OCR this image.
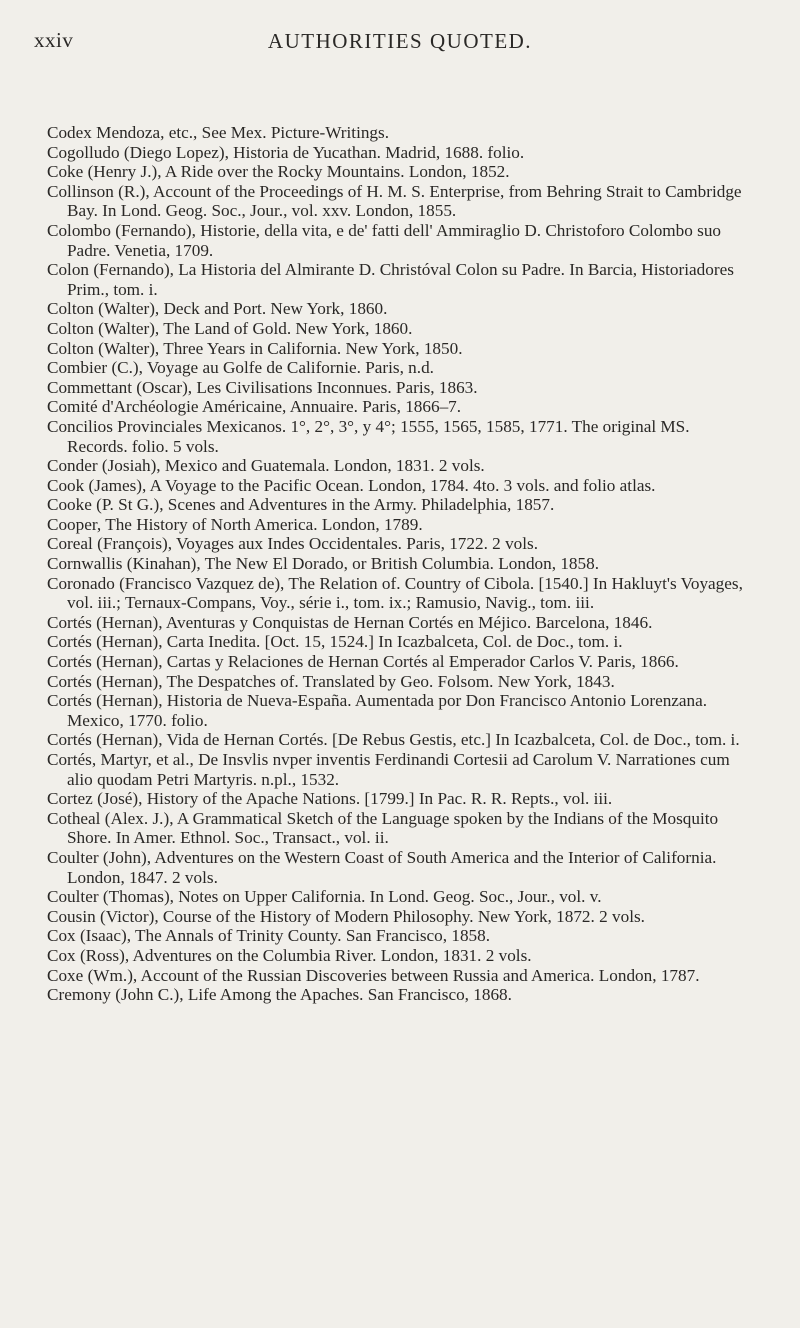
xxiv	AUTHORITIES QUOTED.
Codex Mendoza, etc., See Mex. Picture-Writings.
Cogolludo (Diego Lopez), Historia de Yucathan. Madrid, 1688. folio.
Coke (Henry J.), A Ride over the Rocky Mountains. London, 1852.
Collinson (R.), Account of the Proceedings of H. M. S. Enterprise, from Behring Strait to Cambridge Bay. In Lond. Geog. Soc., Jour., vol. xxv. London, 1855.
Colombo (Fernando), Historie, della vita, e de' fatti dell' Ammiraglio D. Christoforo Colombo suo Padre. Venetia, 1709.
Colon (Fernando), La Historia del Almirante D. Christóval Colon su Padre. In Barcia, Historiadores Prim., tom. i.
Colton (Walter), Deck and Port. New York, 1860.
Colton (Walter), The Land of Gold. New York, 1860.
Colton (Walter), Three Years in California. New York, 1850.
Combier (C.), Voyage au Golfe de Californie. Paris, n.d.
Commettant (Oscar), Les Civilisations Inconnues. Paris, 1863.
Comité d'Archéologie Américaine, Annuaire. Paris, 1866–7.
Concilios Provinciales Mexicanos. 1°, 2°, 3°, y 4°; 1555, 1565, 1585, 1771. The original MS. Records. folio. 5 vols.
Conder (Josiah), Mexico and Guatemala. London, 1831. 2 vols.
Cook (James), A Voyage to the Pacific Ocean. London, 1784. 4to. 3 vols. and folio atlas.
Cooke (P. St G.), Scenes and Adventures in the Army. Philadelphia, 1857.
Cooper, The History of North America. London, 1789.
Coreal (François), Voyages aux Indes Occidentales. Paris, 1722. 2 vols.
Cornwallis (Kinahan), The New El Dorado, or British Columbia. London, 1858.
Coronado (Francisco Vazquez de), The Relation of. Country of Cibola. [1540.] In Hakluyt's Voyages, vol. iii.; Ternaux-Compans, Voy., série i., tom. ix.; Ramusio, Navig., tom. iii.
Cortés (Hernan), Aventuras y Conquistas de Hernan Cortés en Méjico. Barcelona, 1846.
Cortés (Hernan), Carta Inedita. [Oct. 15, 1524.] In Icazbalceta, Col. de Doc., tom. i.
Cortés (Hernan), Cartas y Relaciones de Hernan Cortés al Emperador Carlos V. Paris, 1866.
Cortés (Hernan), The Despatches of. Translated by Geo. Folsom. New York, 1843.
Cortés (Hernan), Historia de Nueva-España. Aumentada por Don Francisco Antonio Lorenzana. Mexico, 1770. folio.
Cortés (Hernan), Vida de Hernan Cortés. [De Rebus Gestis, etc.] In Icazbalceta, Col. de Doc., tom. i.
Cortés, Martyr, et al., De Insvlis nvper inventis Ferdinandi Cortesii ad Carolum V. Narrationes cum alio quodam Petri Martyris. n.pl., 1532.
Cortez (José), History of the Apache Nations. [1799.] In Pac. R. R. Repts., vol. iii.
Cotheal (Alex. J.), A Grammatical Sketch of the Language spoken by the Indians of the Mosquito Shore. In Amer. Ethnol. Soc., Transact., vol. ii.
Coulter (John), Adventures on the Western Coast of South America and the Interior of California. London, 1847. 2 vols.
Coulter (Thomas), Notes on Upper California. In Lond. Geog. Soc., Jour., vol. v.
Cousin (Victor), Course of the History of Modern Philosophy. New York, 1872. 2 vols.
Cox (Isaac), The Annals of Trinity County. San Francisco, 1858.
Cox (Ross), Adventures on the Columbia River. London, 1831. 2 vols.
Coxe (Wm.), Account of the Russian Discoveries between Russia and America. London, 1787.
Cremony (John C.), Life Among the Apaches. San Francisco, 1868.
